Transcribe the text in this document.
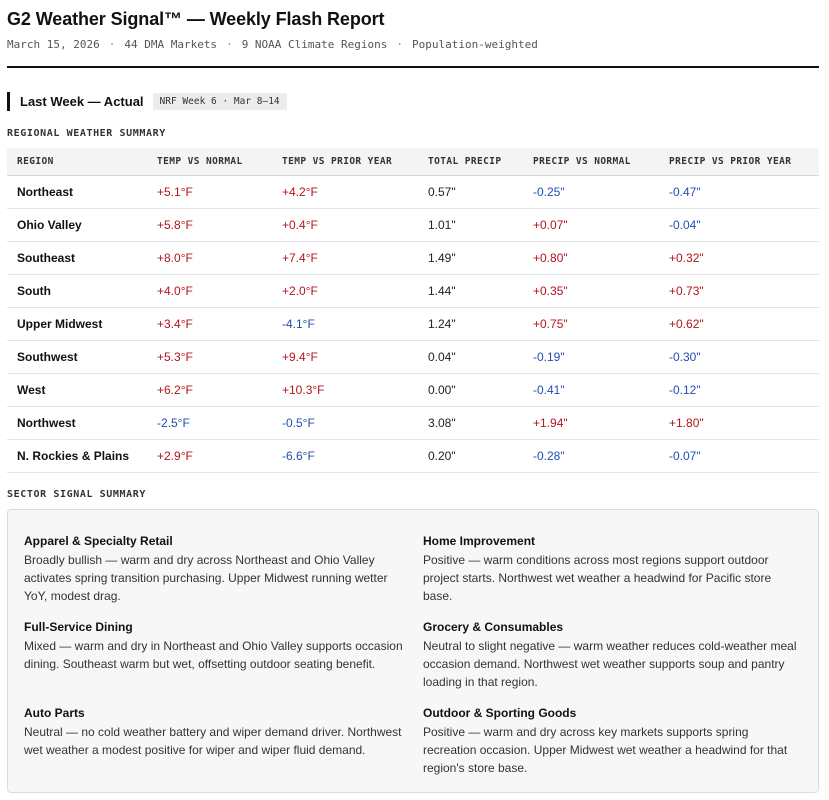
G2 Weather Signal™ — Weekly Flash Report
March 15, 2026 · 44 DMA Markets · 9 NOAA Climate Regions · Population-weighted
Last Week — Actual	NRF Week 6 · Mar 8–14
REGIONAL WEATHER SUMMARY
REGION	TEMP VS NORMAL	TEMP VS PRIOR YEAR	TOTAL PRECIP	PRECIP VS NORMAL	PRECIP VS PRIOR YEAR
Northeast	+5.1°F	+4.2°F	0.57"	-0.25"	-0.47"
Ohio Valley	+5.8°F	+0.4°F	1.01"	+0.07"	-0.04"
Southeast	+8.0°F	+7.4°F	1.49"	+0.80"	+0.32"
South	+4.0°F	+2.0°F	1.44"	+0.35"	+0.73"
Upper Midwest	+3.4°F	-4.1°F	1.24"	+0.75"	+0.62"
Southwest	+5.3°F	+9.4°F	0.04"	-0.19"	-0.30"
West	+6.2°F	+10.3°F	0.00"	-0.41"	-0.12"
Northwest	-2.5°F	-0.5°F	3.08"	+1.94"	+1.80"
N. Rockies & Plains	+2.9°F	-6.6°F	0.20"	-0.28"	-0.07"
SECTOR SIGNAL SUMMARY
Apparel & Specialty Retail
Broadly bullish — warm and dry across Northeast and Ohio Valley activates spring transition purchasing. Upper Midwest running wetter YoY, modest drag.
Home Improvement
Positive — warm conditions across most regions support outdoor project starts. Northwest wet weather a headwind for Pacific store base.
Full-Service Dining
Mixed — warm and dry in Northeast and Ohio Valley supports occasion dining. Southeast warm but wet, offsetting outdoor seating benefit.
Grocery & Consumables
Neutral to slight negative — warm weather reduces cold-weather meal occasion demand. Northwest wet weather supports soup and pantry loading in that region.
Auto Parts
Neutral — no cold weather battery and wiper demand driver. Northwest wet weather a modest positive for wiper and wiper fluid demand.
Outdoor & Sporting Goods
Positive — warm and dry across key markets supports spring recreation occasion. Upper Midwest wet weather a headwind for that region's store base.
